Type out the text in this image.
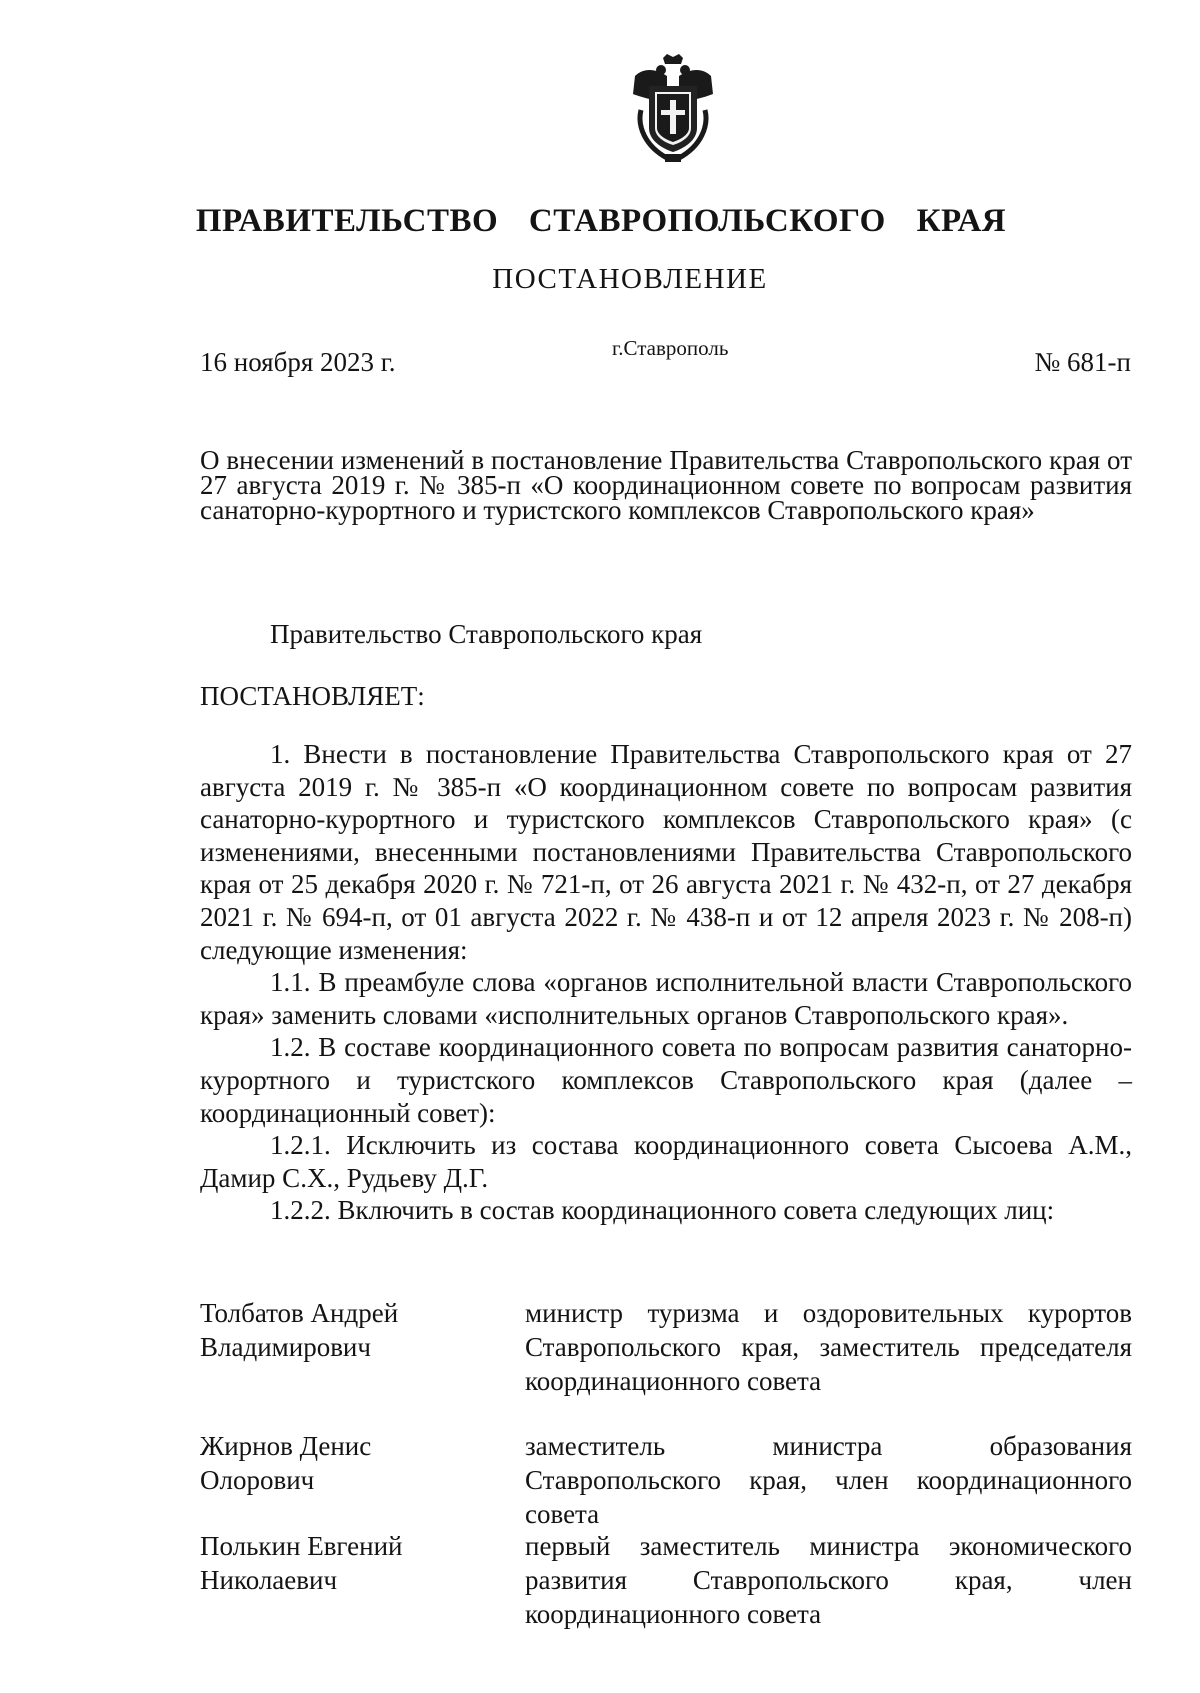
ПРАВИТЕЛЬСТВО СТАВРОПОЛЬСКОГО КРАЯ
ПОСТАНОВЛЕНИЕ
16 ноября 2023 г.	г.Ставрополь	№ 681-п
О внесении изменений в постановление Правительства Ставропольского края от 27 августа 2019 г. № 385-п «О координационном совете по вопросам развития санаторно-курортного и туристского комплексов Ставропольского края»
Правительство Ставропольского края
ПОСТАНОВЛЯЕТ:

1. Внести в постановление Правительства Ставропольского края от 27 августа 2019 г. № 385-п «О координационном совете по вопросам развития санаторно-курортного и туристского комплексов Ставропольского края» (с изменениями, внесенными постановлениями Правительства Ставропольского края от 25 декабря 2020 г. № 721-п, от 26 августа 2021 г. № 432-п, от 27 декабря 2021 г. № 694-п, от 01 августа 2022 г. № 438-п и от 12 апреля 2023 г. № 208-п) следующие изменения:

1.1. В преамбуле слова «органов исполнительной власти Ставропольского края» заменить словами «исполнительных органов Ставропольского края».

1.2. В составе координационного совета по вопросам развития санаторно-курортного и туристского комплексов Ставропольского края (далее – координационный совет):

1.2.1. Исключить из состава координационного совета Сысоева А.М., Дамир С.Х., Рудьеву Д.Г.

1.2.2. Включить в состав координационного совета следующих лиц:

Толбатов Андрей
Владимирович
министр туризма и оздоровительных курортов Ставропольского края, заместитель председателя координационного совета
Жирнов Денис
Олорович
заместитель министра образования Ставропольского края, член координационного совета
Полькин Евгений
Николаевич
первый заместитель министра экономического развития Ставропольского края, член координационного совета
